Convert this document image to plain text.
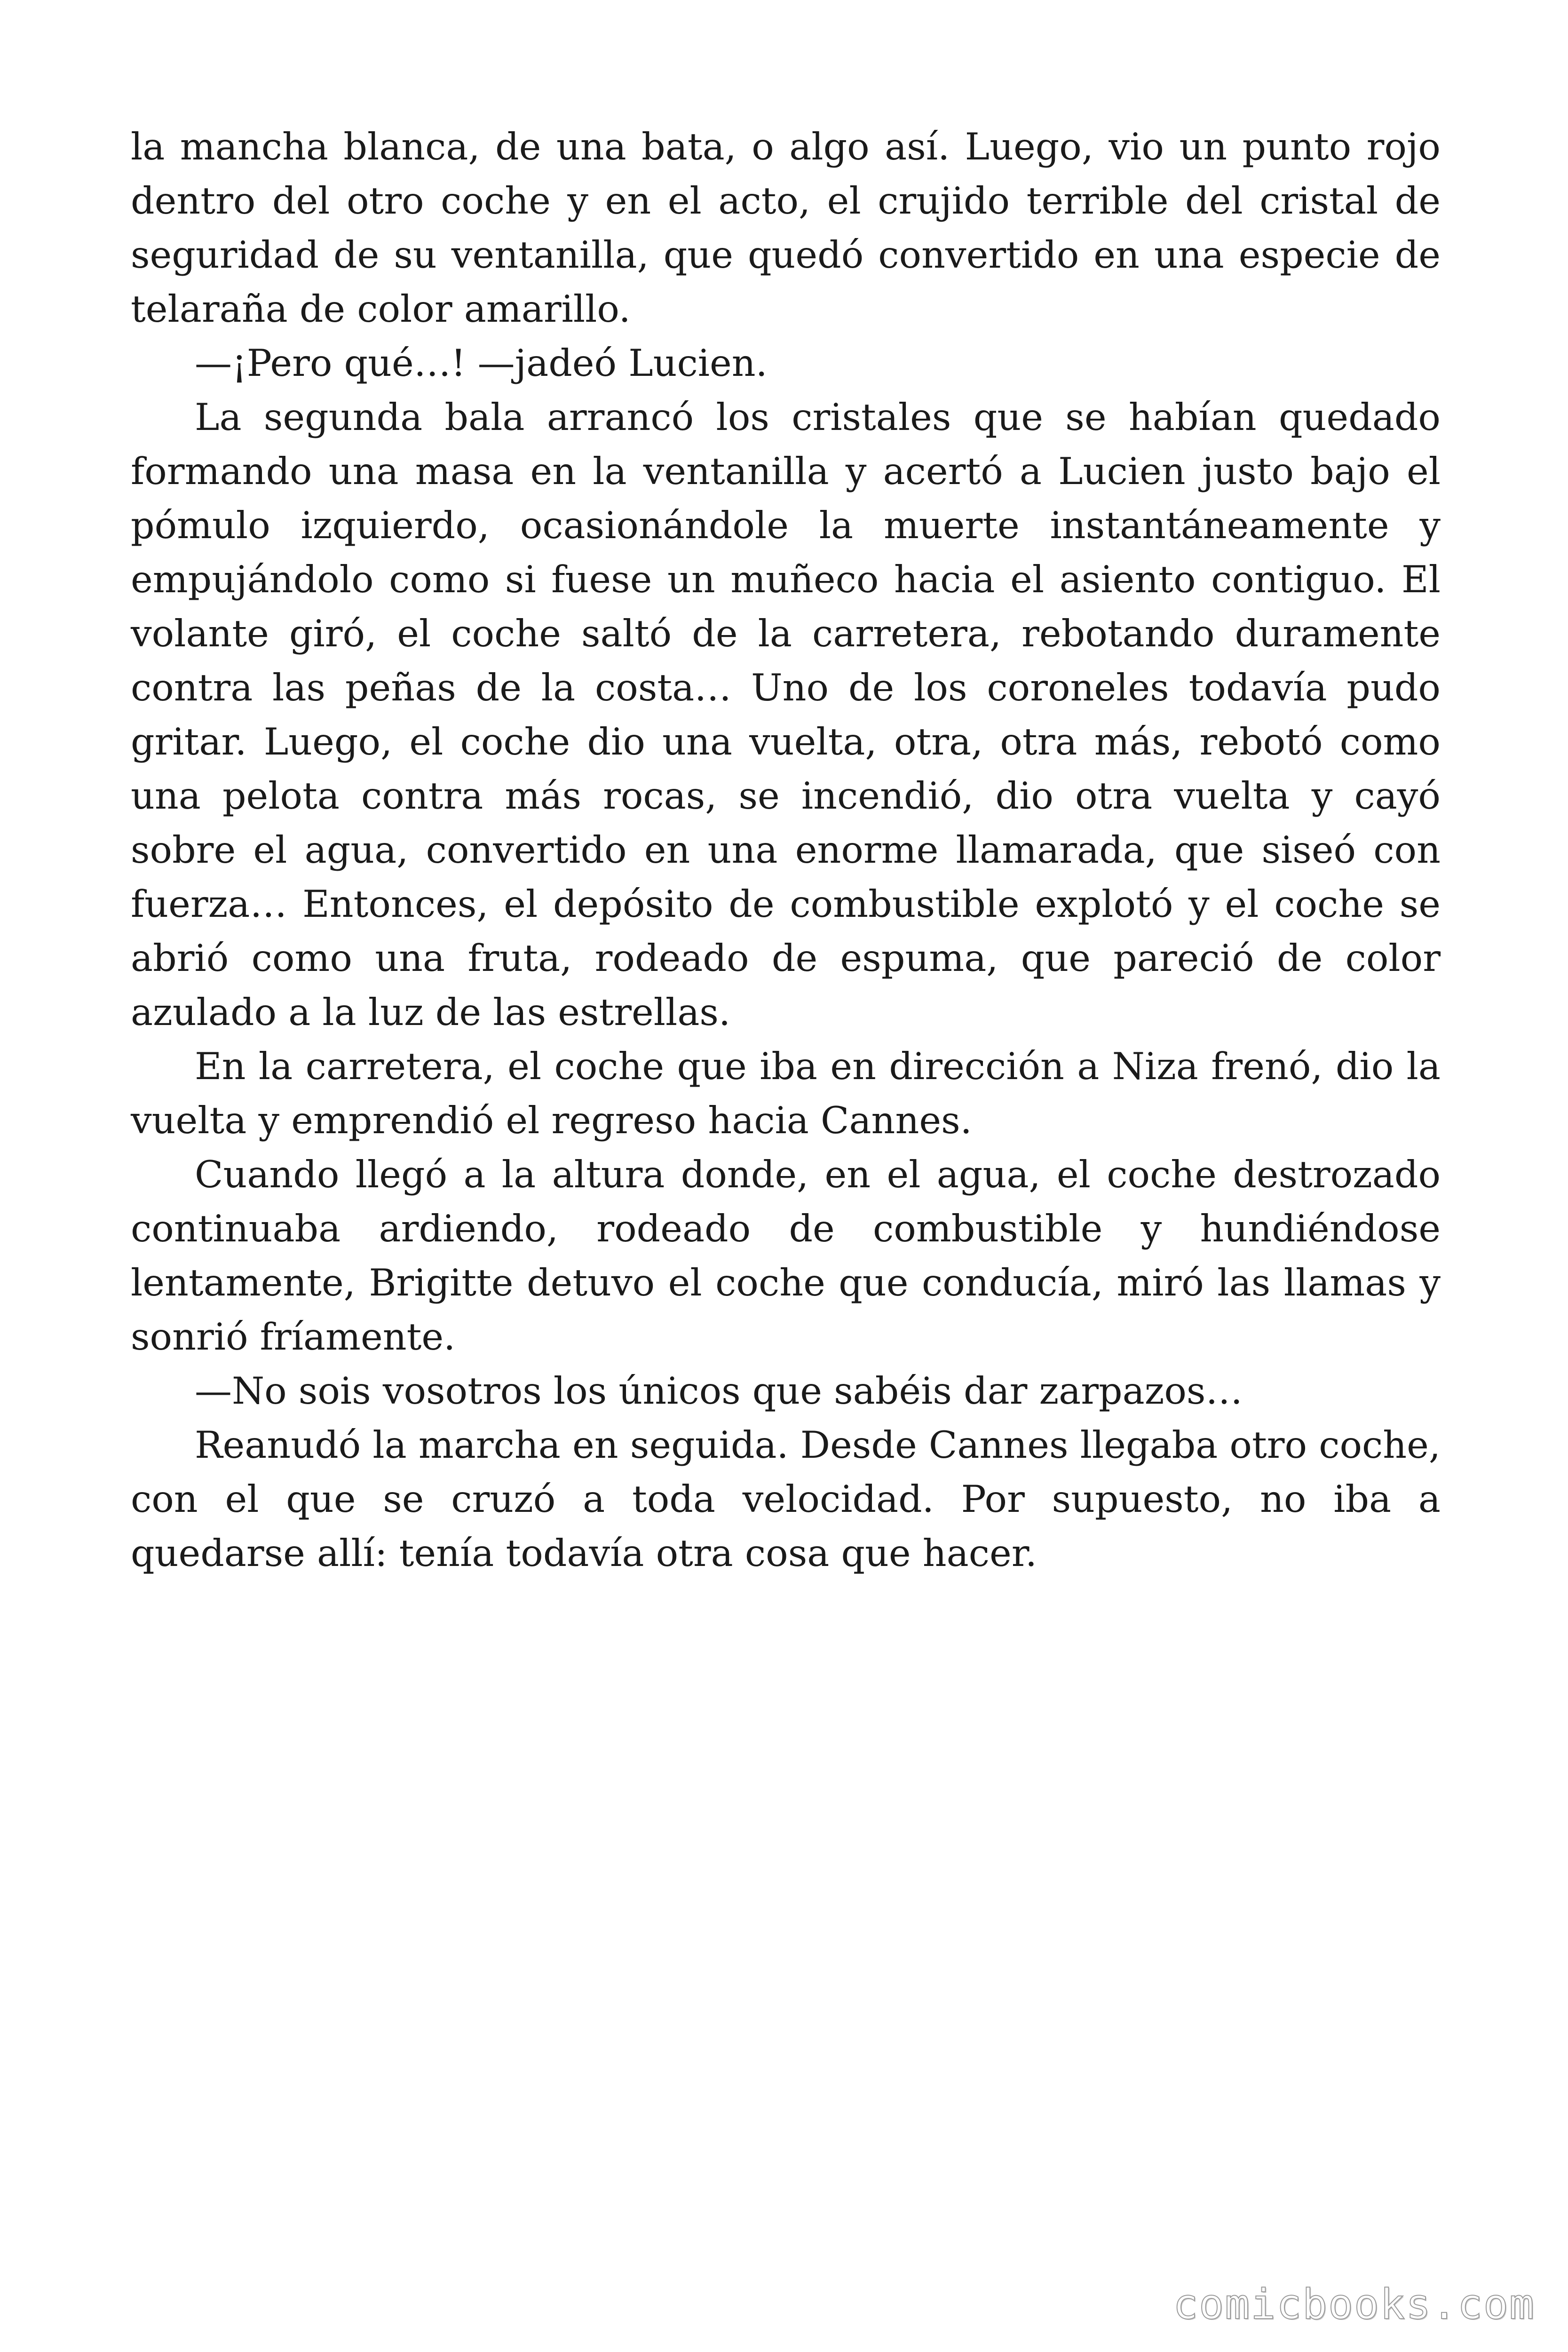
la mancha blanca, de una bata, o algo así. Luego, vio un punto rojo dentro del otro coche y en el acto, el crujido terrible del cristal de seguridad de su ventanilla, que quedó convertido en una especie de telaraña de color amarillo.

—¡Pero qué…! —jadeó Lucien.

La segunda bala arrancó los cristales que se habían quedado formando una masa en la ventanilla y acertó a Lucien justo bajo el pómulo izquierdo, ocasionándole la muerte instantáneamente y empujándolo como si fuese un muñeco hacia el asiento contiguo. El volante giró, el coche saltó de la carretera, rebotando duramente contra las peñas de la costa… Uno de los coroneles todavía pudo gritar. Luego, el coche dio una vuelta, otra, otra más, rebotó como una pelota contra más rocas, se incendió, dio otra vuelta y cayó sobre el agua, convertido en una enorme llamarada, que siseó con fuerza… Entonces, el depósito de combustible explotó y el coche se abrió como una fruta, rodeado de espuma, que pareció de color azulado a la luz de las estrellas.

En la carretera, el coche que iba en dirección a Niza frenó, dio la vuelta y emprendió el regreso hacia Cannes.

Cuando llegó a la altura donde, en el agua, el coche destrozado continuaba ardiendo, rodeado de combustible y hundiéndose lentamente, Brigitte detuvo el coche que conducía, miró las llamas y sonrió fríamente.

—No sois vosotros los únicos que sabéis dar zarpazos…

Reanudó la marcha en seguida. Desde Cannes llegaba otro coche, con el que se cruzó a toda velocidad. Por supuesto, no iba a quedarse allí: tenía todavía otra cosa que hacer.

comicbooks.com
